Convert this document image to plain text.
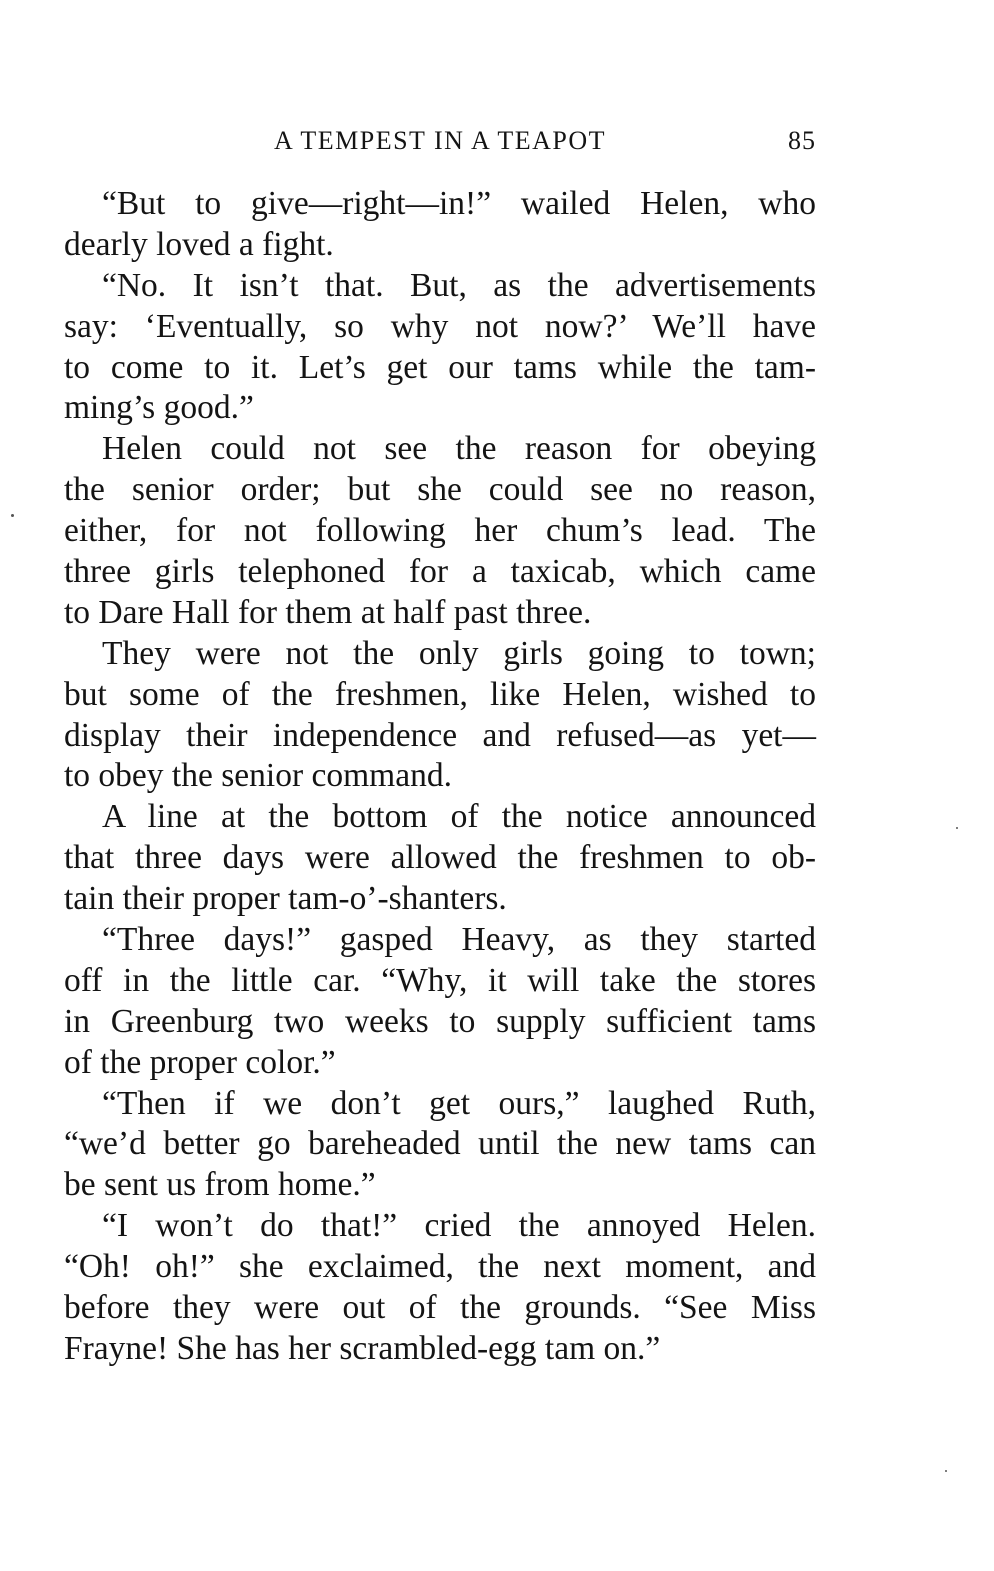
A TEMPEST IN A TEAPOT	85
“But to give—right—in!” wailed Helen, who
dearly loved a fight.
“No. It isn’t that. But, as the advertisements
say: ‘Eventually, so why not now?’ We’ll have
to come to it. Let’s get our tams while the tam-
ming’s good.”
Helen could not see the reason for obeying
the senior order; but she could see no reason,
either, for not following her chum’s lead. The
three girls telephoned for a taxicab, which came
to Dare Hall for them at half past three.
They were not the only girls going to town;
but some of the freshmen, like Helen, wished to
display their independence and refused—as yet—
to obey the senior command.
A line at the bottom of the notice announced
that three days were allowed the freshmen to ob-
tain their proper tam-o’-shanters.
“Three days!” gasped Heavy, as they started
off in the little car. “Why, it will take the stores
in Greenburg two weeks to supply sufficient tams
of the proper color.”
“Then if we don’t get ours,” laughed Ruth,
“we’d better go bareheaded until the new tams can
be sent us from home.”
“I won’t do that!” cried the annoyed Helen.
“Oh! oh!” she exclaimed, the next moment, and
before they were out of the grounds. “See Miss
Frayne! She has her scrambled-egg tam on.”
